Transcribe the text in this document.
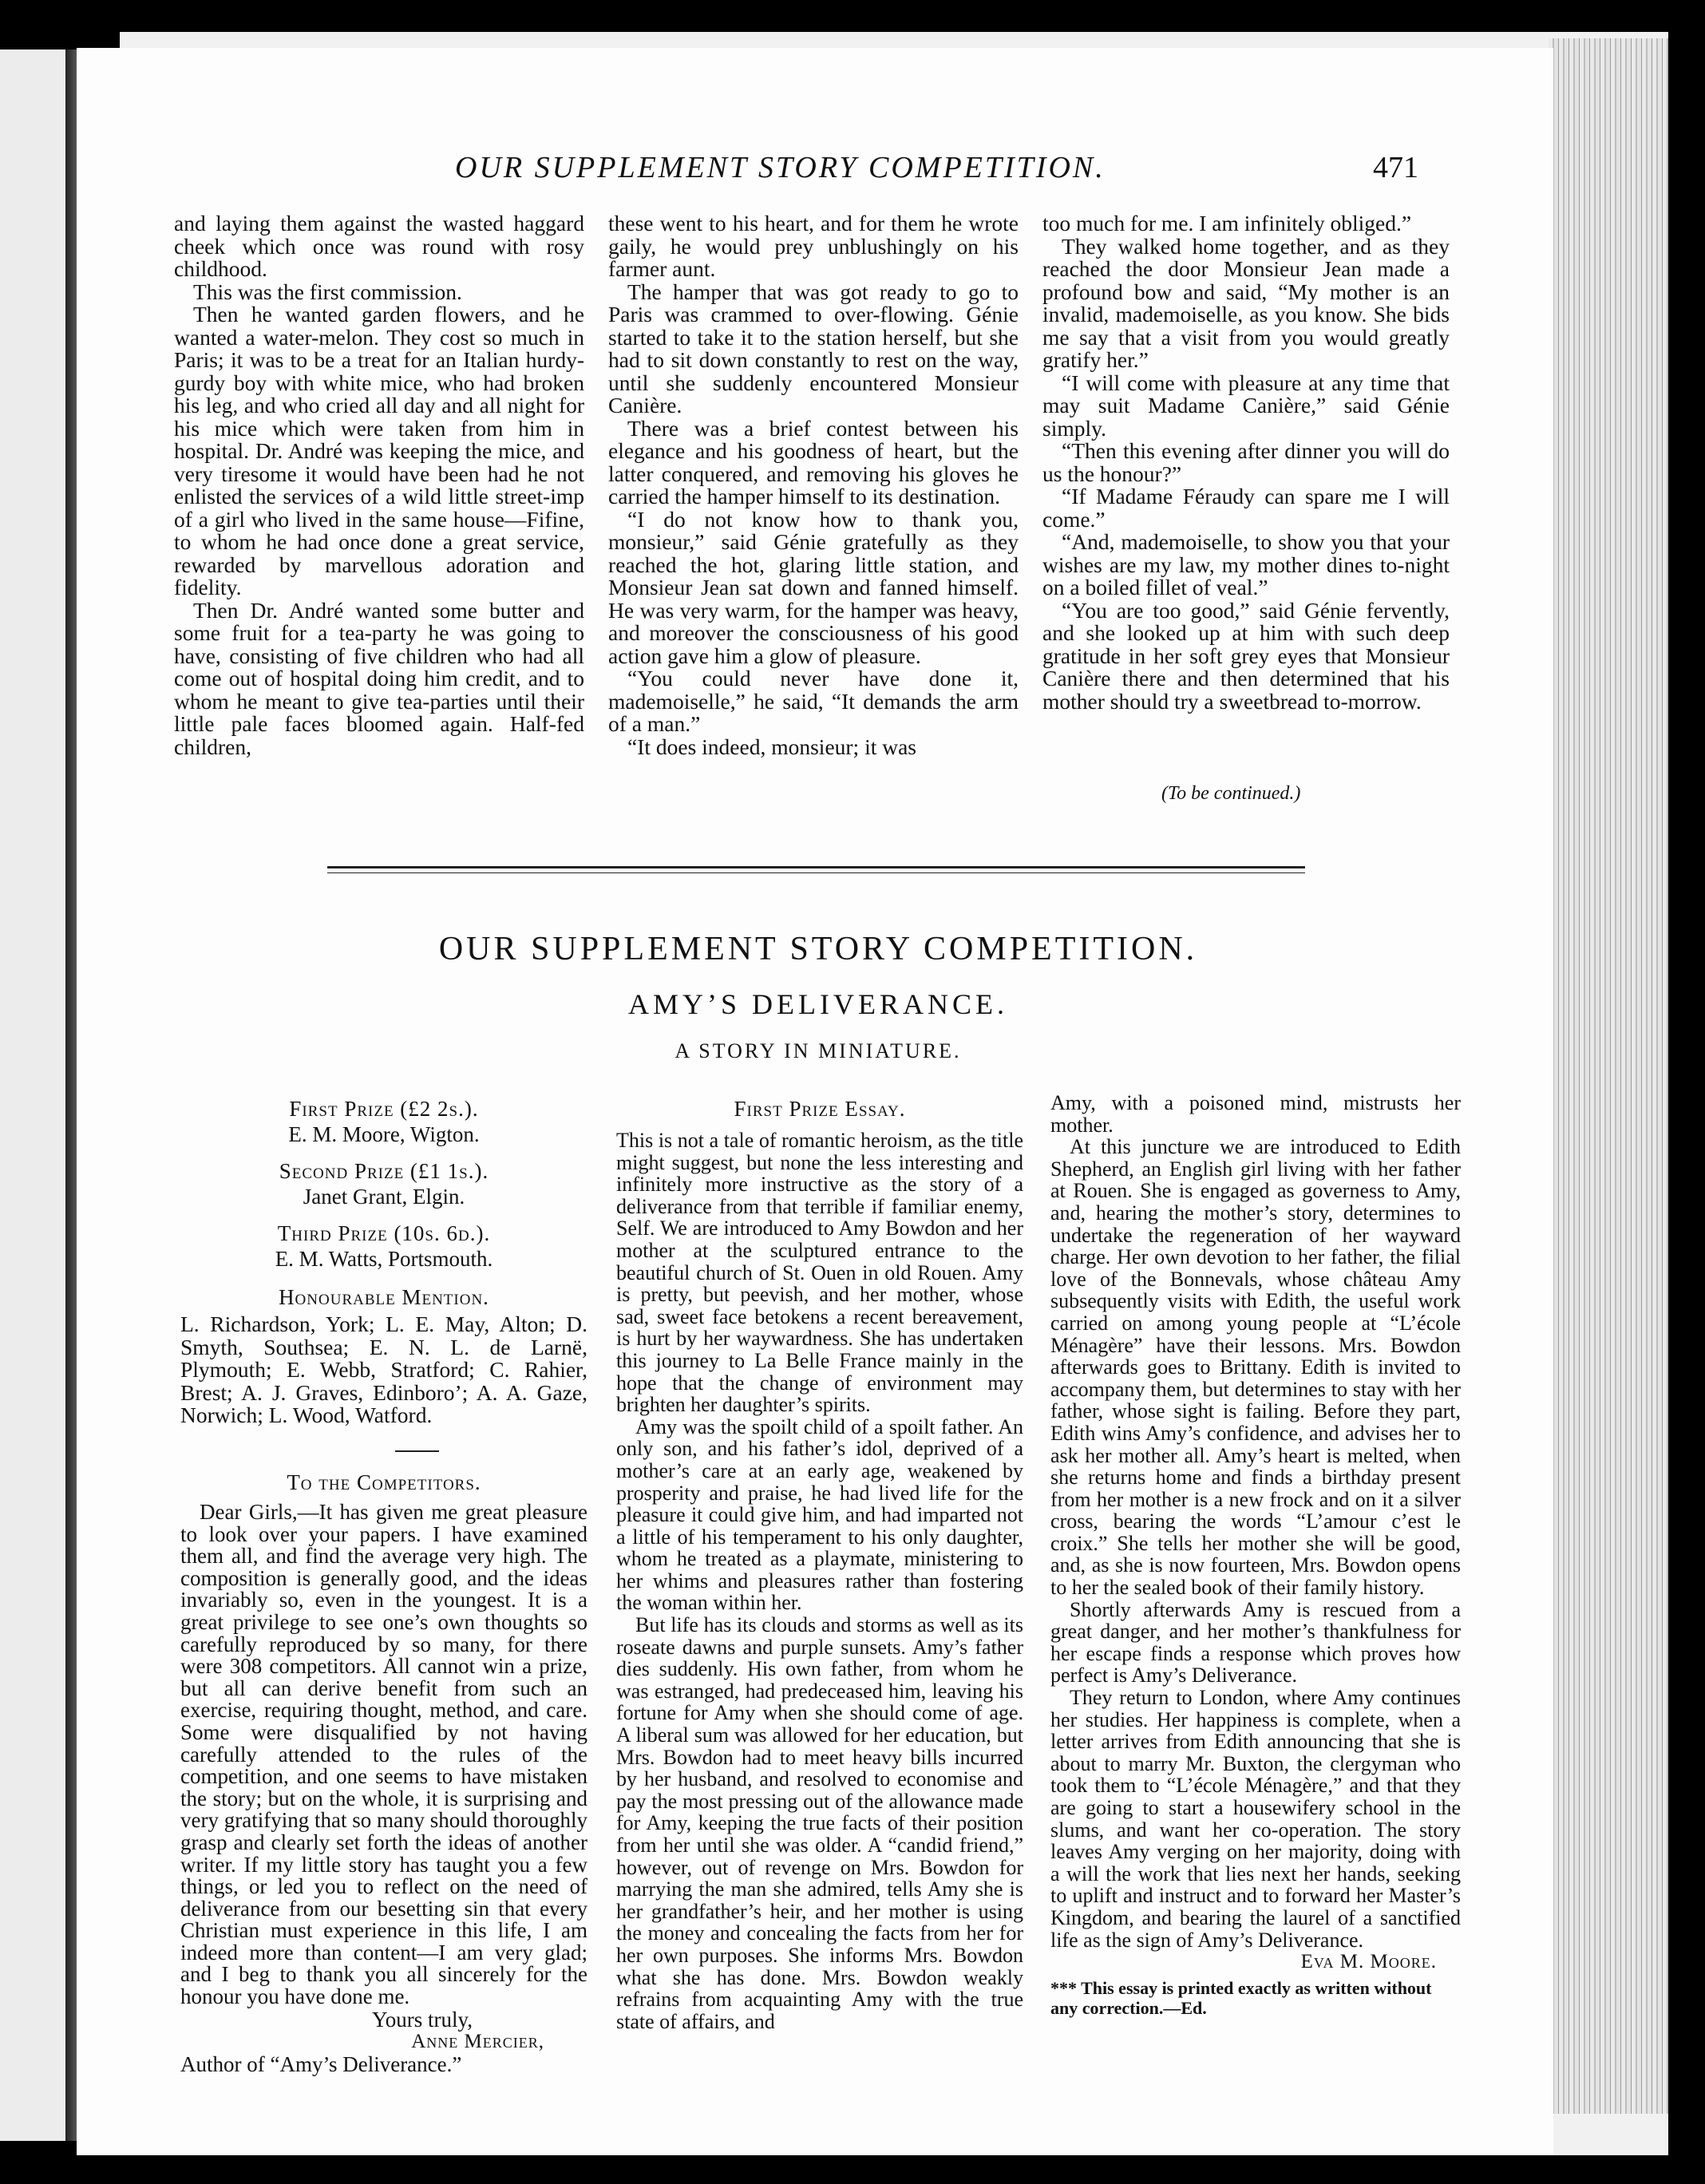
OUR SUPPLEMENT STORY COMPETITION.	471
and laying them against the wasted haggard cheek which once was round with rosy childhood.
This was the first commission.
Then he wanted garden flowers, and he wanted a water-melon. They cost so much in Paris; it was to be a treat for an Italian hurdy-gurdy boy with white mice, who had broken his leg, and who cried all day and all night for his mice which were taken from him in hospital. Dr. André was keeping the mice, and very tiresome it would have been had he not enlisted the services of a wild little street-imp of a girl who lived in the same house—Fifine, to whom he had once done a great service, rewarded by marvellous adoration and fidelity.
Then Dr. André wanted some butter and some fruit for a tea-party he was going to have, consisting of five children who had all come out of hospital doing him credit, and to whom he meant to give tea-parties until their little pale faces bloomed again. Half-fed children,
these went to his heart, and for them he wrote gaily, he would prey unblushingly on his farmer aunt.
The hamper that was got ready to go to Paris was crammed to over-flowing. Génie started to take it to the station herself, but she had to sit down constantly to rest on the way, until she suddenly encountered Monsieur Canière.
There was a brief contest between his elegance and his goodness of heart, but the latter conquered, and removing his gloves he carried the hamper himself to its destination.
“I do not know how to thank you, monsieur,” said Génie gratefully as they reached the hot, glaring little station, and Monsieur Jean sat down and fanned himself. He was very warm, for the hamper was heavy, and moreover the consciousness of his good action gave him a glow of pleasure.
“You could never have done it, mademoiselle,” he said, “It demands the arm of a man.”
“It does indeed, monsieur; it was
too much for me. I am infinitely obliged.”
They walked home together, and as they reached the door Monsieur Jean made a profound bow and said, “My mother is an invalid, mademoiselle, as you know. She bids me say that a visit from you would greatly gratify her.”
“I will come with pleasure at any time that may suit Madame Canière,” said Génie simply.
“Then this evening after dinner you will do us the honour?”
“If Madame Féraudy can spare me I will come.”
“And, mademoiselle, to show you that your wishes are my law, my mother dines to-night on a boiled fillet of veal.”
“You are too good,” said Génie fervently, and she looked up at him with such deep gratitude in her soft grey eyes that Monsieur Canière there and then determined that his mother should try a sweetbread to-morrow.
(To be continued.)
OUR SUPPLEMENT STORY COMPETITION.
AMY’S DELIVERANCE.
A STORY IN MINIATURE.
First Prize (£2 2s.).
E. M. Moore, Wigton.
Second Prize (£1 1s.).
Janet Grant, Elgin.
Third Prize (10s. 6d.).
E. M. Watts, Portsmouth.
Honourable Mention.
L. Richardson, York; L. E. May, Alton; D. Smyth, Southsea; E. N. L. de Larnë, Plymouth; E. Webb, Stratford; C. Rahier, Brest; A. J. Graves, Edinboro’; A. A. Gaze, Norwich; L. Wood, Watford.
To the Competitors.
Dear Girls,—It has given me great pleasure to look over your papers. I have examined them all, and find the average very high. The composition is generally good, and the ideas invariably so, even in the youngest. It is a great privilege to see one’s own thoughts so carefully reproduced by so many, for there were 308 competitors. All cannot win a prize, but all can derive benefit from such an exercise, requiring thought, method, and care. Some were disqualified by not having carefully attended to the rules of the competition, and one seems to have mistaken the story; but on the whole, it is surprising and very gratifying that so many should thoroughly grasp and clearly set forth the ideas of another writer. If my little story has taught you a few things, or led you to reflect on the need of deliverance from our besetting sin that every Christian must experience in this life, I am indeed more than content—I am very glad; and I beg to thank you all sincerely for the honour you have done me.
Yours truly,
Anne Mercier,
Author of “Amy’s Deliverance.”
First Prize Essay.
This is not a tale of romantic heroism, as the title might suggest, but none the less interesting and infinitely more instructive as the story of a deliverance from that terrible if familiar enemy, Self. We are introduced to Amy Bowdon and her mother at the sculptured entrance to the beautiful church of St. Ouen in old Rouen. Amy is pretty, but peevish, and her mother, whose sad, sweet face betokens a recent bereavement, is hurt by her waywardness. She has undertaken this journey to La Belle France mainly in the hope that the change of environment may brighten her daughter’s spirits.
Amy was the spoilt child of a spoilt father. An only son, and his father’s idol, deprived of a mother’s care at an early age, weakened by prosperity and praise, he had lived life for the pleasure it could give him, and had imparted not a little of his temperament to his only daughter, whom he treated as a playmate, ministering to her whims and pleasures rather than fostering the woman within her.
But life has its clouds and storms as well as its roseate dawns and purple sunsets. Amy’s father dies suddenly. His own father, from whom he was estranged, had predeceased him, leaving his fortune for Amy when she should come of age. A liberal sum was allowed for her education, but Mrs. Bowdon had to meet heavy bills incurred by her husband, and resolved to economise and pay the most pressing out of the allowance made for Amy, keeping the true facts of their position from her until she was older. A “candid friend,” however, out of revenge on Mrs. Bowdon for marrying the man she admired, tells Amy she is her grandfather’s heir, and her mother is using the money and concealing the facts from her for her own purposes. She informs Mrs. Bowdon what she has done. Mrs. Bowdon weakly refrains from acquainting Amy with the true state of affairs, and
Amy, with a poisoned mind, mistrusts her mother.
At this juncture we are introduced to Edith Shepherd, an English girl living with her father at Rouen. She is engaged as governess to Amy, and, hearing the mother’s story, determines to undertake the regeneration of her wayward charge. Her own devotion to her father, the filial love of the Bonnevals, whose château Amy subsequently visits with Edith, the useful work carried on among young people at “L’école Ménagère” have their lessons. Mrs. Bowdon afterwards goes to Brittany. Edith is invited to accompany them, but determines to stay with her father, whose sight is failing. Before they part, Edith wins Amy’s confidence, and advises her to ask her mother all. Amy’s heart is melted, when she returns home and finds a birthday present from her mother is a new frock and on it a silver cross, bearing the words “L’amour c’est le croix.” She tells her mother she will be good, and, as she is now fourteen, Mrs. Bowdon opens to her the sealed book of their family history.
Shortly afterwards Amy is rescued from a great danger, and her mother’s thankfulness for her escape finds a response which proves how perfect is Amy’s Deliverance.
They return to London, where Amy continues her studies. Her happiness is complete, when a letter arrives from Edith announcing that she is about to marry Mr. Buxton, the clergyman who took them to “L’école Ménagère,” and that they are going to start a housewifery school in the slums, and want her co-operation. The story leaves Amy verging on her majority, doing with a will the work that lies next her hands, seeking to uplift and instruct and to forward her Master’s Kingdom, and bearing the laurel of a sanctified life as the sign of Amy’s Deliverance.
Eva M. Moore.
*** This essay is printed exactly as written without any correction.—Ed.
